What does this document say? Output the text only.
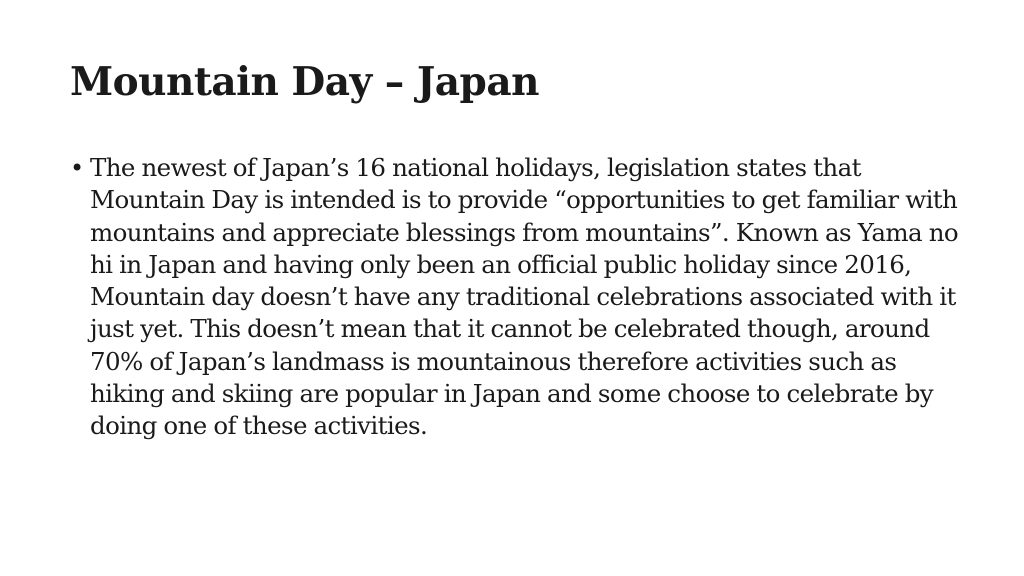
Mountain Day – Japan
• The newest of Japan’s 16 national holidays, legislation states that Mountain Day is intended is to provide “opportunities to get familiar with mountains and appreciate blessings from mountains”. Known as Yama no hi in Japan and having only been an official public holiday since 2016, Mountain day doesn’t have any traditional celebrations associated with it just yet. This doesn’t mean that it cannot be celebrated though, around 70% of Japan’s landmass is mountainous therefore activities such as hiking and skiing are popular in Japan and some choose to celebrate by doing one of these activities.
